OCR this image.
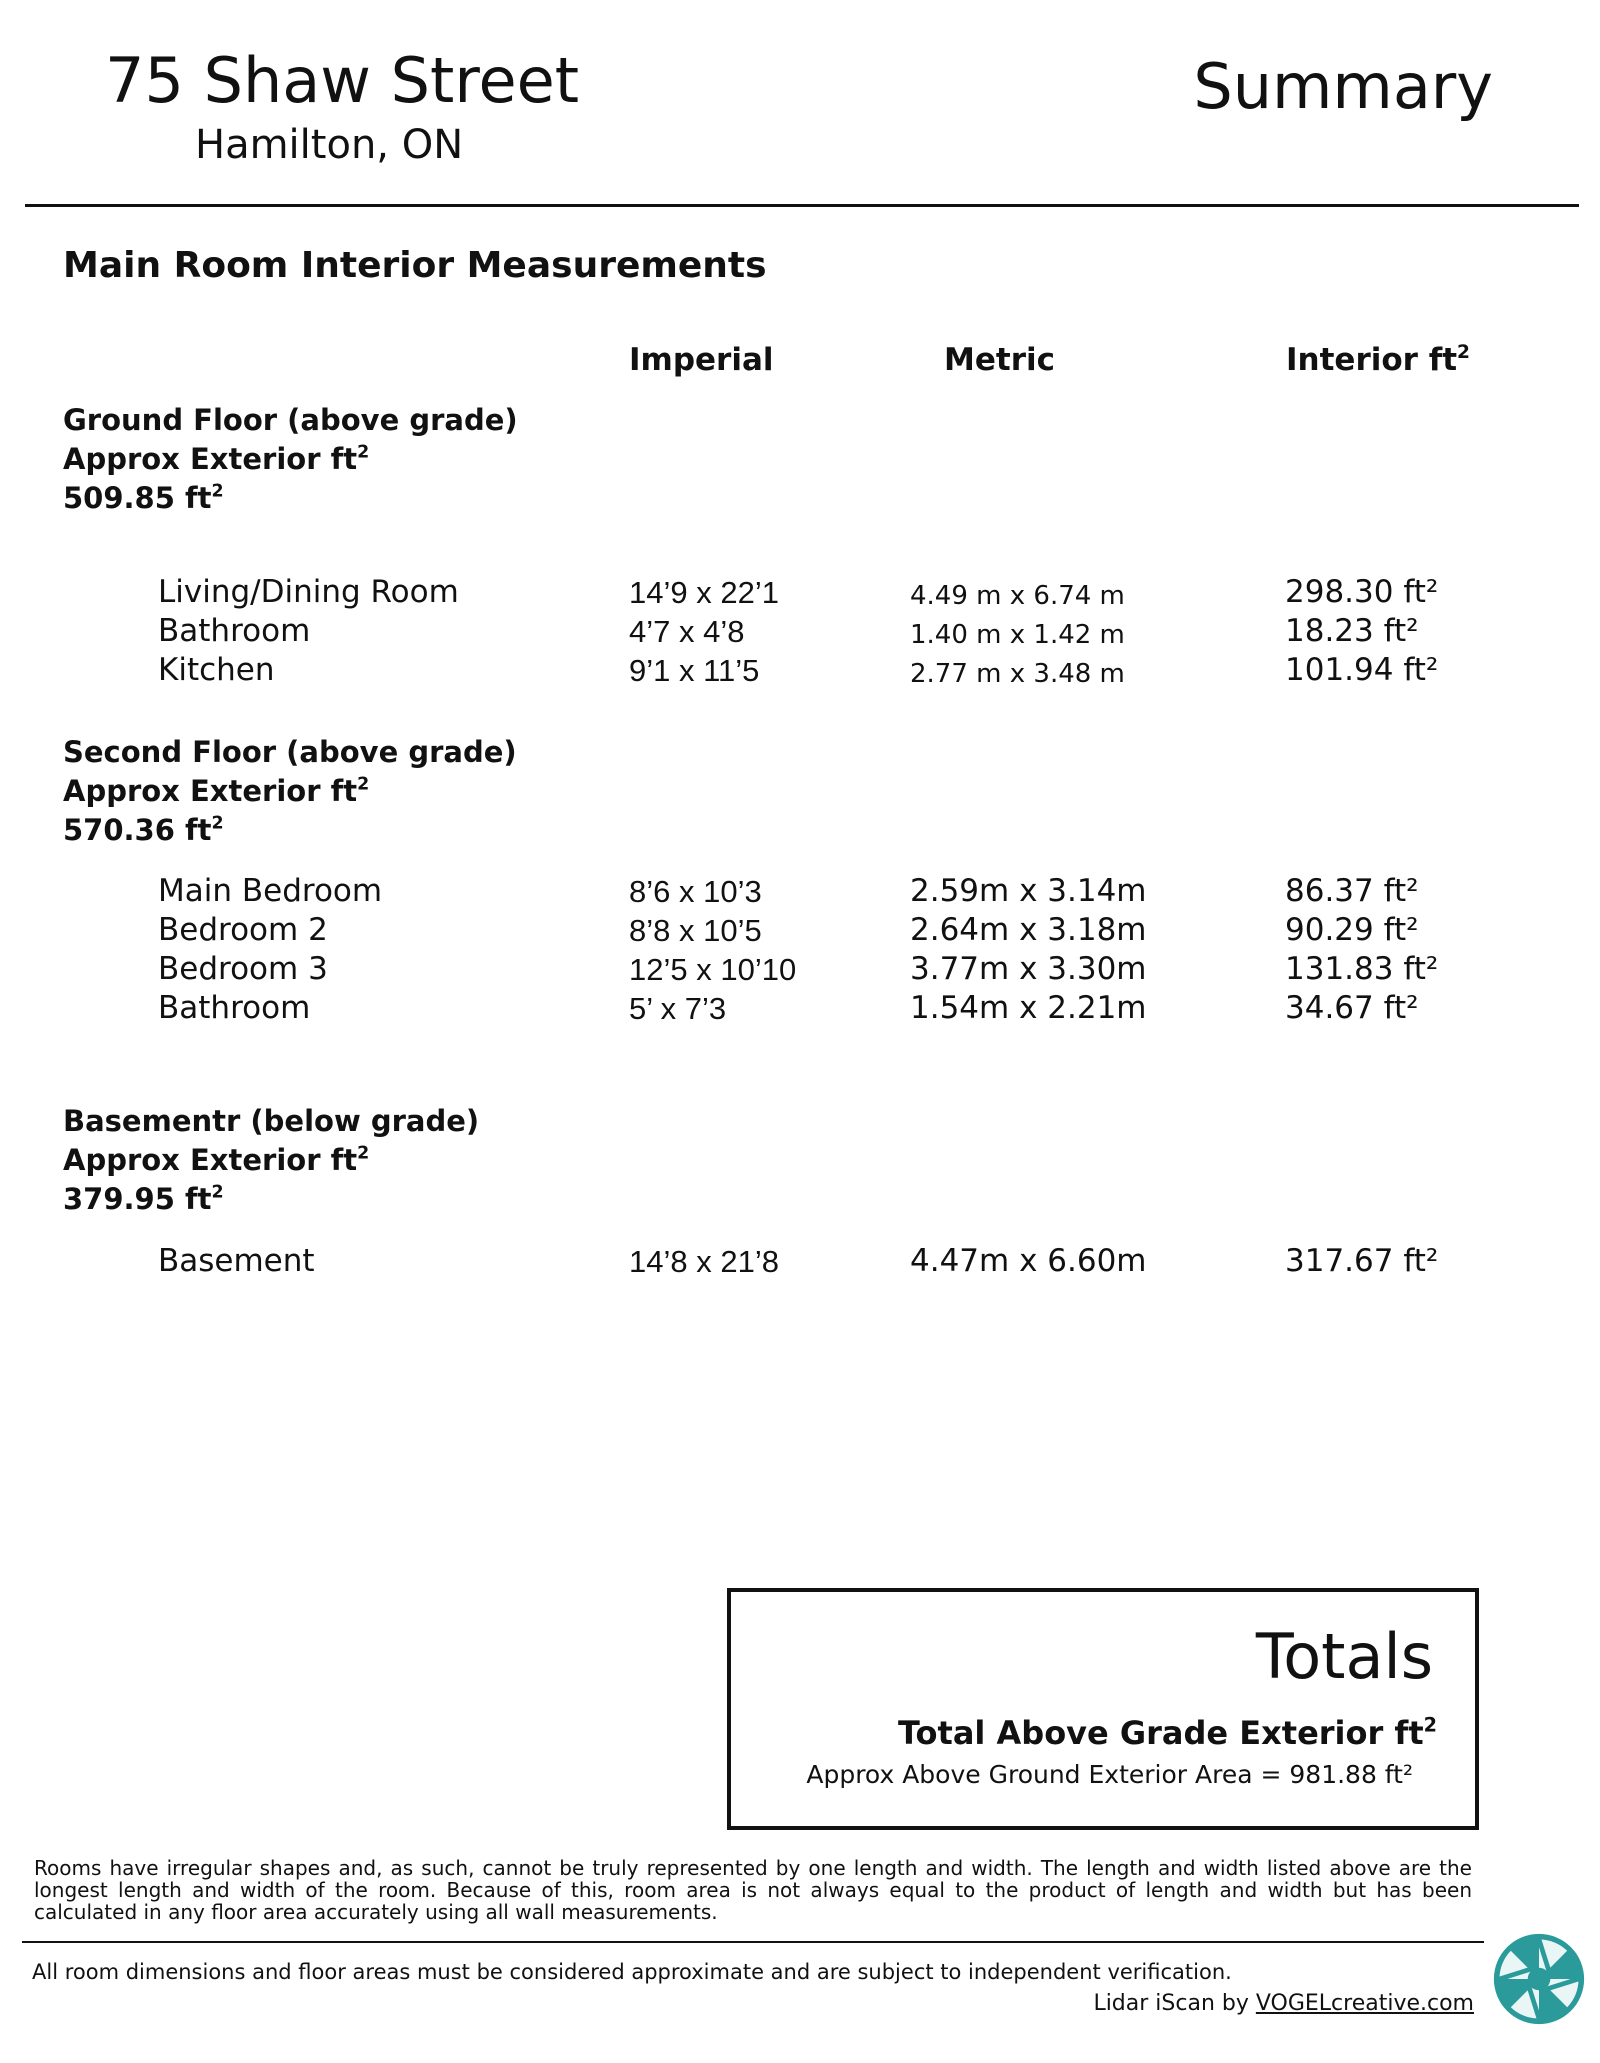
75 Shaw Street
Hamilton, ON
Summary
Main Room Interior Measurements
Imperial	Metric	Interior $ft^2$
Ground Floor (above grade)
Approx Exterior $ft^2$
509.85 $ft^2$
Living/Dining Room	14’9 x 22’1	4.49 m x 6.74 m	298.30 ft²
Bathroom	4’7 x 4’8	1.40 m x 1.42 m	18.23 ft²
Kitchen	9’1 x 11’5	2.77 m x 3.48 m	101.94 ft²
Second Floor (above grade)
Approx Exterior $ft^2$
570.36 $ft^2$
Main Bedroom	8’6 x 10’3	2.59m x 3.14m	86.37 ft²
Bedroom 2	8’8 x 10’5	2.64m x 3.18m	90.29 ft²
Bedroom 3	12’5 x 10’10	3.77m x 3.30m	131.83 ft²
Bathroom	5’ x 7’3	1.54m x 2.21m	34.67 ft²
Basementr (below grade)
Approx Exterior $ft^2$
379.95 $ft^2$
Basement	14’8 x 21’8	4.47m x 6.60m	317.67 ft²
Totals
Total Above Grade Exterior $ft^2$
Approx Above Ground Exterior Area = 981.88 ft²
Rooms have irregular shapes and, as such, cannot be truly represented by one length and width. The length and width listed above are the longest length and width of the room. Because of this, room area is not always equal to the product of length and width but has been calculated in any floor area accurately using all wall measurements.
All room dimensions and floor areas must be considered approximate and are subject to independent verification.
Lidar iScan by VOGELcreative.com
